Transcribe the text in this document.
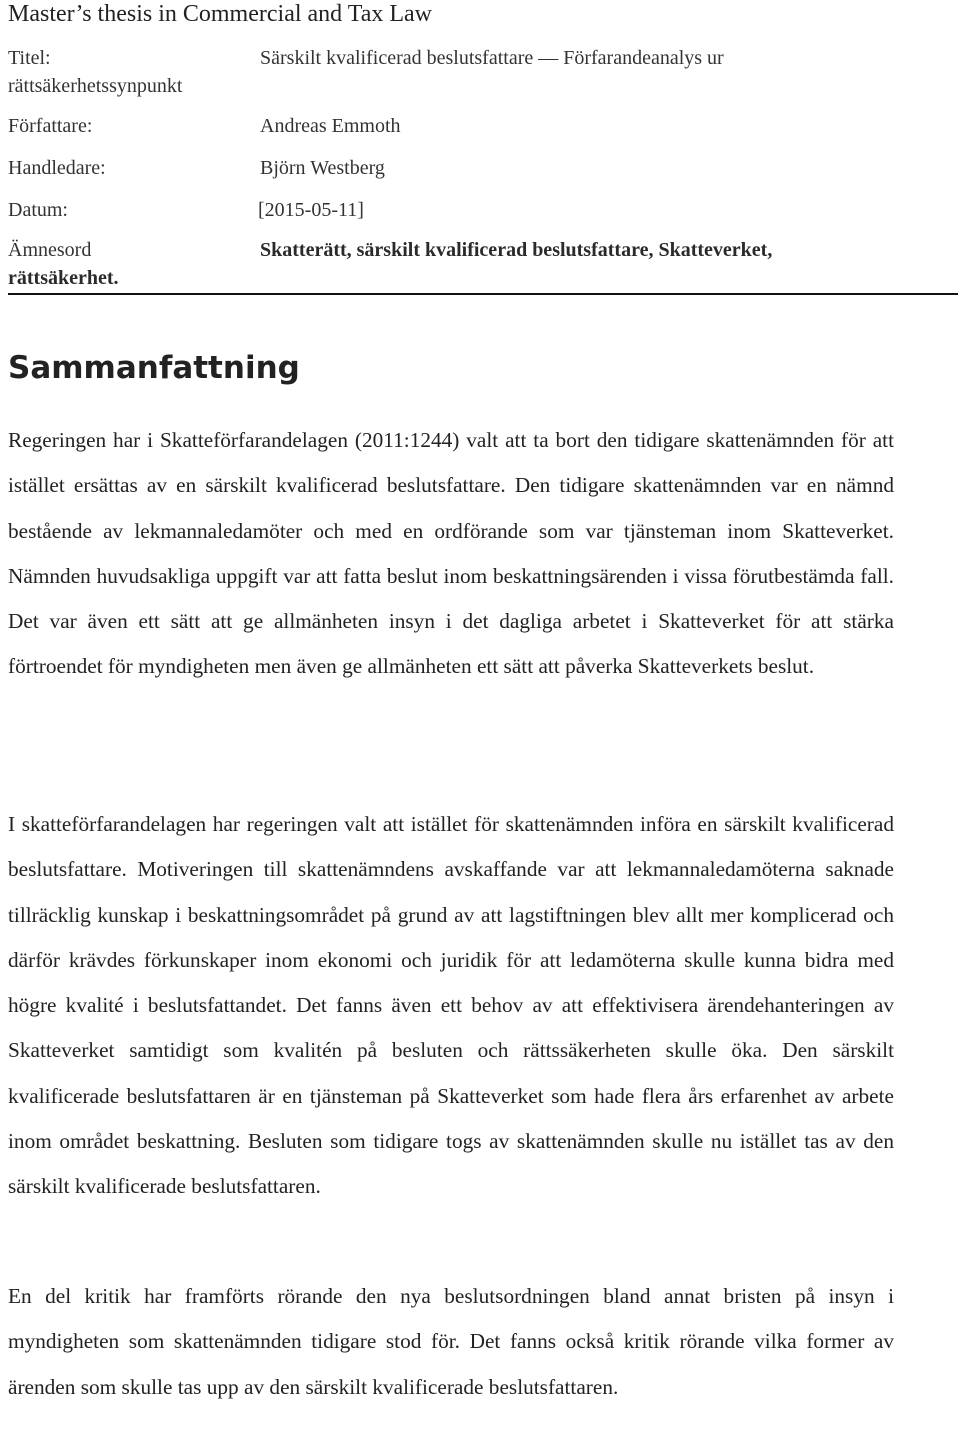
Master’s thesis in Commercial and Tax Law
Titel:	Särskilt kvalificerad beslutsfattare — Förfarandeanalys ur
rättsäkerhetssynpunkt
Författare:	Andreas Emmoth
Handledare:	Björn Westberg
Datum:	[2015-05-11]
Ämnesord	Skatterätt, särskilt kvalificerad beslutsfattare, Skatteverket,
rättsäkerhet.
Sammanfattning

Regeringen har i Skatteförfarandelagen (2011:1244) valt att ta bort den tidigare skattenämnden för att istället ersättas av en särskilt kvalificerad beslutsfattare. Den tidigare skattenämnden var en nämnd bestående av lekmannaledamöter och med en ordförande som var tjänsteman inom Skatteverket. Nämnden huvudsakliga uppgift var att fatta beslut inom beskattningsärenden i vissa förutbestämda fall. Det var även ett sätt att ge allmänheten insyn i det dagliga arbetet i Skatteverket för att stärka förtroendet för myndigheten men även ge allmänheten ett sätt att påverka Skatteverkets beslut.

I skatteförfarandelagen har regeringen valt att istället för skattenämnden införa en särskilt kvalificerad beslutsfattare. Motiveringen till skattenämndens avskaffande var att lekmannaledamöterna saknade tillräcklig kunskap i beskattningsområdet på grund av att lagstiftningen blev allt mer komplicerad och därför krävdes förkunskaper inom ekonomi och juridik för att ledamöterna skulle kunna bidra med högre kvalité i beslutsfattandet. Det fanns även ett behov av att effektivisera ärendehanteringen av Skatteverket samtidigt som kvalitén på besluten och rättssäkerheten skulle öka. Den särskilt kvalificerade beslutsfattaren är en tjänsteman på Skatteverket som hade flera års erfarenhet av arbete inom området beskattning. Besluten som tidigare togs av skattenämnden skulle nu istället tas av den särskilt kvalificerade beslutsfattaren.

En del kritik har framförts rörande den nya beslutsordningen bland annat bristen på insyn i myndigheten som skattenämnden tidigare stod för. Det fanns också kritik rörande vilka former av ärenden som skulle tas upp av den särskilt kvalificerade beslutsfattaren.
